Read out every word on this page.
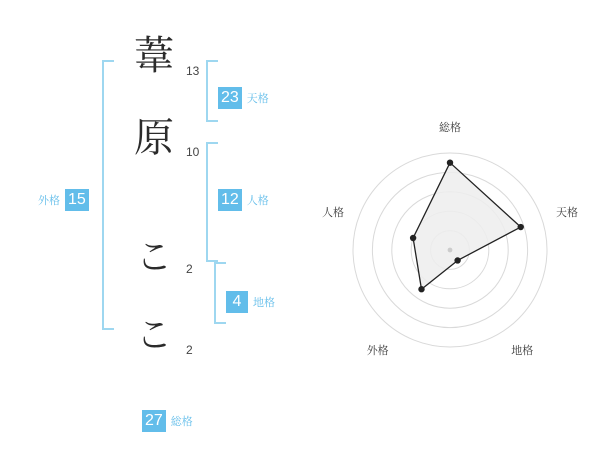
葦
原
こ
こ
13
10
2
2
23 天格
12 人格
4	地格
外格 15
27 総格
総格
天格
地格
外格
人格
